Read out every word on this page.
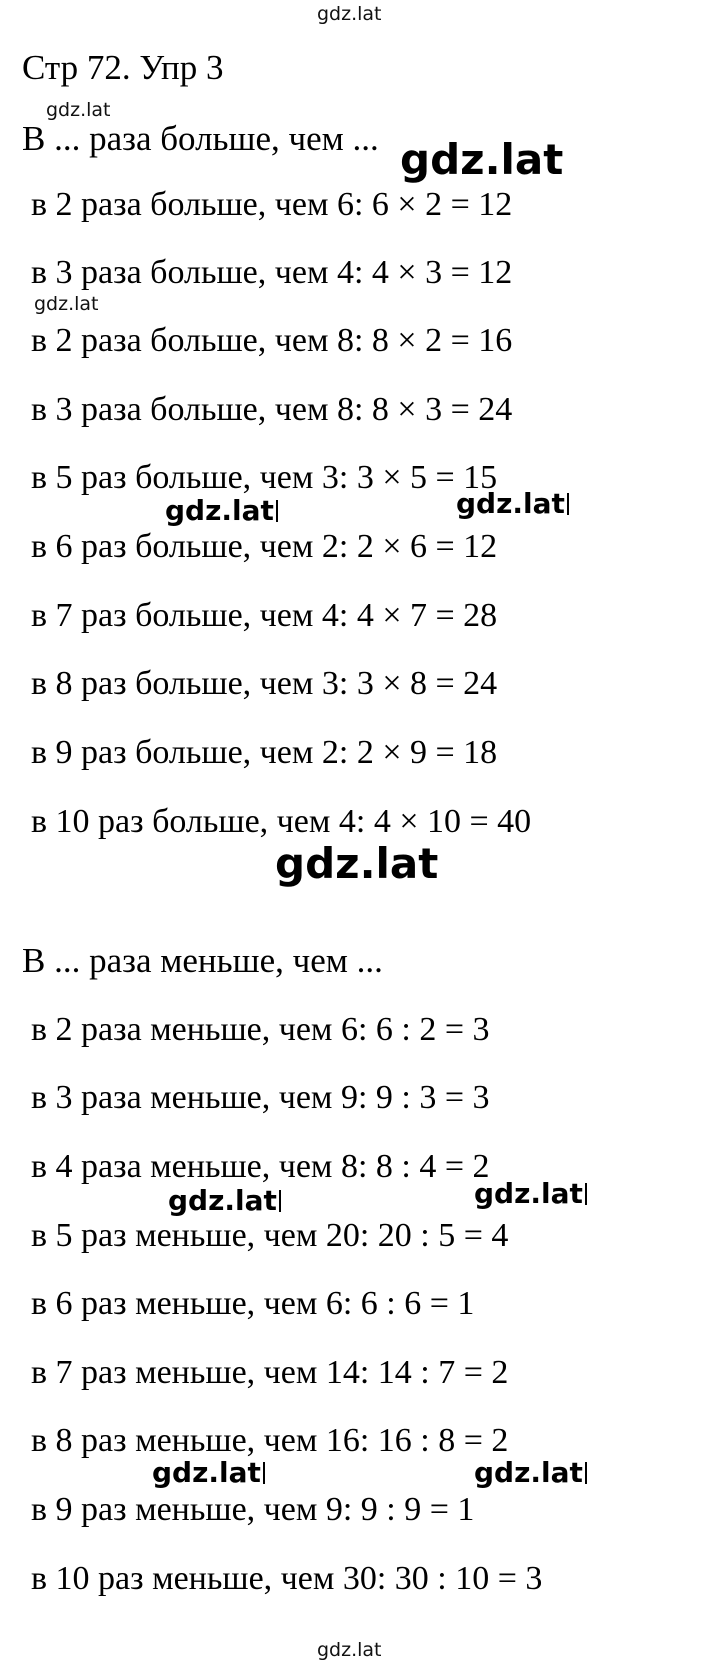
gdz.lat
gdz.lat
gdz.lat
gdz.lat
gdz.lat	gdz.lat
gdz.lat
gdz.lat	gdz.lat
gdz.lat	gdz.lat
gdz.lat
Стр 72. Упр 3
В ... раза больше, чем ...
в 2 раза больше, чем 6: 6 × 2 = 12
в 3 раза больше, чем 4: 4 × 3 = 12
в 2 раза больше, чем 8: 8 × 2 = 16
в 3 раза больше, чем 8: 8 × 3 = 24
в 5 раз больше, чем 3: 3 × 5 = 15
в 6 раз больше, чем 2: 2 × 6 = 12
в 7 раз больше, чем 4: 4 × 7 = 28
в 8 раз больше, чем 3: 3 × 8 = 24
в 9 раз больше, чем 2: 2 × 9 = 18
в 10 раз больше, чем 4: 4 × 10 = 40
В ... раза меньше, чем ...
в 2 раза меньше, чем 6: 6 : 2 = 3
в 3 раза меньше, чем 9: 9 : 3 = 3
в 4 раза меньше, чем 8: 8 : 4 = 2
в 5 раз меньше, чем 20: 20 : 5 = 4
в 6 раз меньше, чем 6: 6 : 6 = 1
в 7 раз меньше, чем 14: 14 : 7 = 2
в 8 раз меньше, чем 16: 16 : 8 = 2
в 9 раз меньше, чем 9: 9 : 9 = 1
в 10 раз меньше, чем 30: 30 : 10 = 3
